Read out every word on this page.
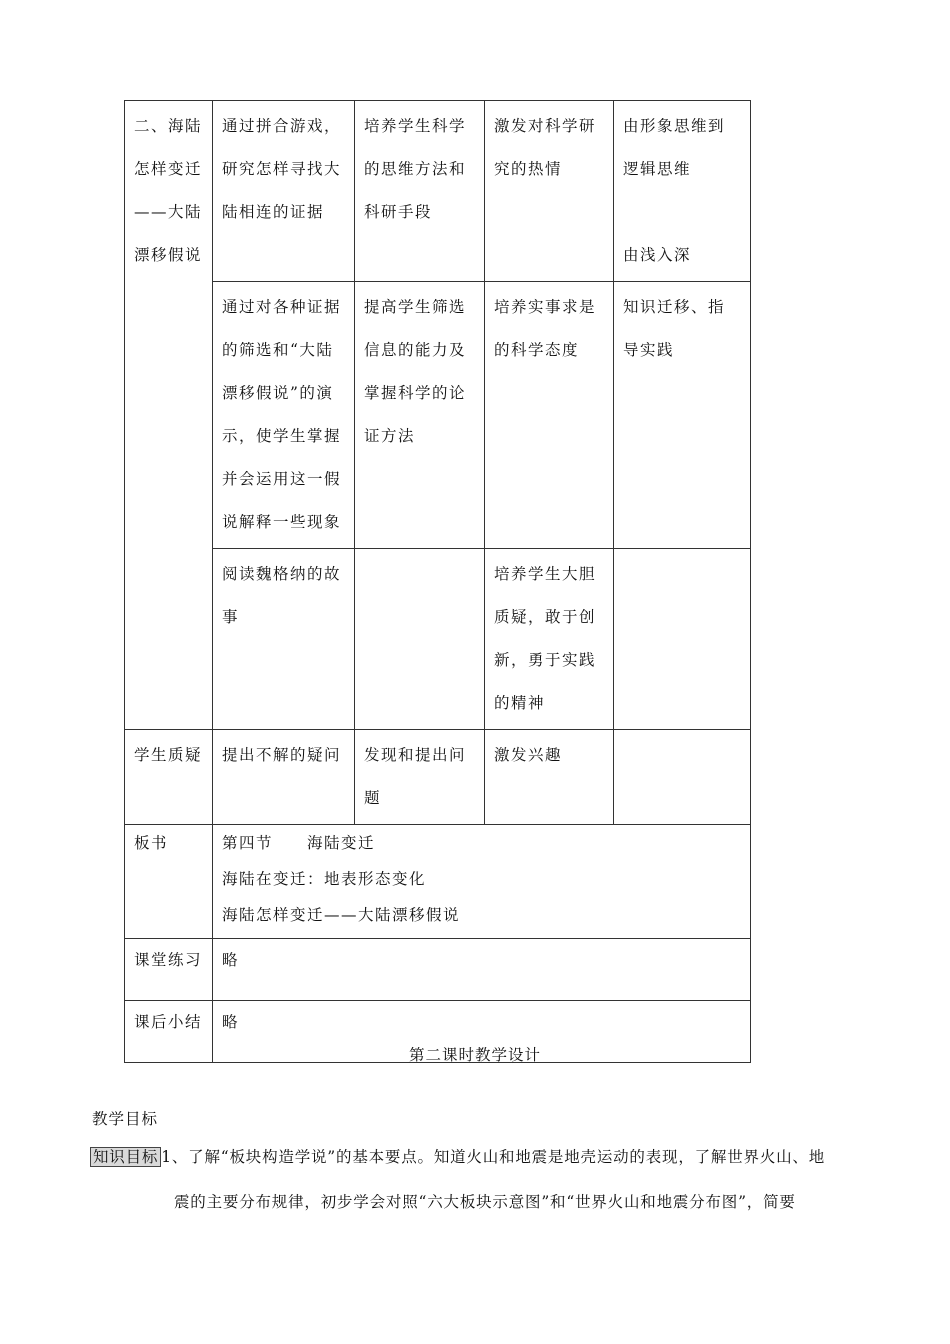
二、海陆怎样变迁——大陆漂移假说	通过拼合游戏，研究怎样寻找大陆相连的证据	培养学生科学的思维方法和科研手段	激发对科学研究的热情	由形象思维到逻辑思维
由浅入深
	通过对各种证据的筛选和“大陆漂移假说”的演示，使学生掌握并会运用这一假说解释一些现象	提高学生筛选信息的能力及掌握科学的论证方法	培养实事求是的科学态度	知识迁移、指导实践
	阅读魏格纳的故事		培养学生大胆质疑，敢于创新，勇于实践的精神	
学生质疑	提出不解的疑问	发现和提出问题	激发兴趣	
板书	第四节　　海陆变迁
海陆在变迁：地表形态变化
海陆怎样变迁——大陆漂移假说			

课堂练习	略			
课后小结	略			
第二课时教学设计
教学目标
知识目标 1、了解“板块构造学说”的基本要点。知道火山和地震是地壳运动的表现，了解世界火山、地
震的主要分布规律，初步学会对照“六大板块示意图”和“世界火山和地震分布图”，简要
